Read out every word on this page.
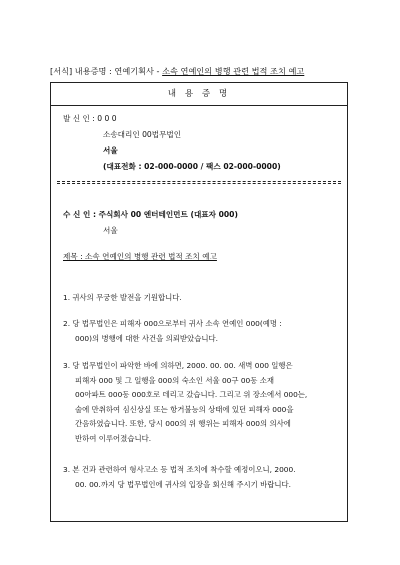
[서식] 내용증명 : 연예기획사 - 소속 연예인의 병행 관련 법적 조치 예고
내 용 증 명
발 신 인 : 0 0 0
소송대리인 00법무법인
서울
(대표전화 : 02-000-0000 / 팩스 02-000-0000)
수 신 인 : 주식회사 00 엔터테인먼트 (대표자 000)
서울
제목 : 소속 연예인의 병행 관련 법적 조치 예고
1. 귀사의 무궁한 발전을 기원합니다.
2. 당 법무법인은 피해자 000으로부터 귀사 소속 연예인 000(예명 :
000)의 병행에 대한 사건을 의뢰받았습니다.
3. 당 법무법인이 파악한 바에 의하면, 2000. 00. 00. 새벽 000 일행은
피해자 000 및 그 일행을 000의 숙소인 서울 00구 00동 소재
00아파트 000동 000호로 데리고 갔습니다. 그리고 위 장소에서 000는,
술에 만취하여 심신상실 또는 항거불능의 상태에 있던 피해자 000을
간음하였습니다. 또한, 당시 000의 위 행위는 피해자 000의 의사에
반하여 이루어졌습니다.
3. 본 건과 관련하여 형사고소 등 법적 조치에 착수할 예정이오니, 2000.
00. 00.까지 당 법무법인에 귀사의 입장을 회신해 주시기 바랍니다.
